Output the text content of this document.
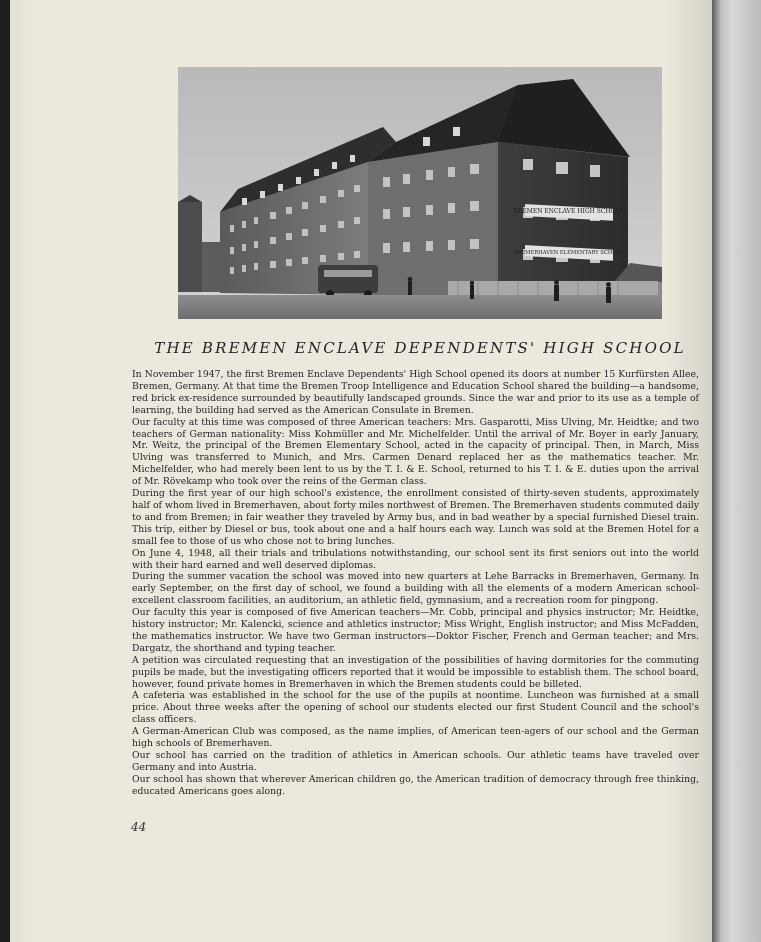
BREMEN ENCLAVE HIGH SCHOOL
BREMERHAVEN ELEMENTARY SCHOOL
THE BREMEN ENCLAVE DEPENDENTS' HIGH SCHOOL

In November 1947, the first Bremen Enclave Dependents' High School opened its doors at number 15 Kurfürsten Allee, Bremen, Germany. At that time the Bremen Troop Intelligence and Education School shared the building—a handsome, red brick ex-residence surrounded by beautifully landscaped grounds. Since the war and prior to its use as a temple of learning, the building had served as the American Consulate in Bremen.

Our faculty at this time was composed of three American teachers: Mrs. Gasparotti, Miss Ulving, Mr. Heidtke; and two teachers of German nationality: Miss Kohmüller and Mr. Michelfelder. Until the arrival of Mr. Boyer in early January, Mr. Weitz, the principal of the Bremen Elementary School, acted in the capacity of principal. Then, in March, Miss Ulving was transferred to Munich, and Mrs. Carmen Denard replaced her as the mathematics teacher. Mr. Michelfelder, who had merely been lent to us by the T. I. & E. School, returned to his T. I. & E. duties upon the arrival of Mr. Rövekamp who took over the reins of the German class.

During the first year of our high school's existence, the enrollment consisted of thirty-seven students, approximately half of whom lived in Bremerhaven, about forty miles northwest of Bremen. The Bremerhaven students commuted daily to and from Bremen; in fair weather they traveled by Army bus, and in bad weather by a special furnished Diesel train. This trip, either by Diesel or bus, took about one and a half hours each way. Lunch was sold at the Bremen Hotel for a small fee to those of us who chose not to bring lunches.

On June 4, 1948, all their trials and tribulations notwithstanding, our school sent its first seniors out into the world with their hard earned and well deserved diplomas.

During the summer vacation the school was moved into new quarters at Lehe Barracks in Bremerhaven, Germany. In early September, on the first day of school, we found a building with all the elements of a modern American school-excellent classroom facilities, an auditorium, an athletic field, gymnasium, and a recreation room for pingpong.

Our faculty this year is composed of five American teachers—Mr. Cobb, principal and physics instructor; Mr. Heidtke, history instructor; Mr. Kalencki, science and athletics instructor; Miss Wright, English instructor; and Miss McFadden, the mathematics instructor. We have two German instructors—Doktor Fischer, French and German teacher; and Mrs. Dargatz, the shorthand and typing teacher.

A petition was circulated requesting that an investigation of the possibilities of having dormitories for the commuting pupils be made, but the investigating officers reported that it would be impossible to establish them. The school board, however, found private homes in Bremerhaven in which the Bremen students could be billeted.

A cafeteria was established in the school for the use of the pupils at noontime. Luncheon was furnished at a small price. About three weeks after the opening of school our students elected our first Student Council and the school's class officers.

A German-American Club was composed, as the name implies, of American teen-agers of our school and the German high schools of Bremerhaven.

Our school has carried on the tradition of athletics in American schools. Our athletic teams have traveled over Germany and into Austria.

Our school has shown that wherever American children go, the American tradition of democracy through free thinking, educated Americans goes along.

44
